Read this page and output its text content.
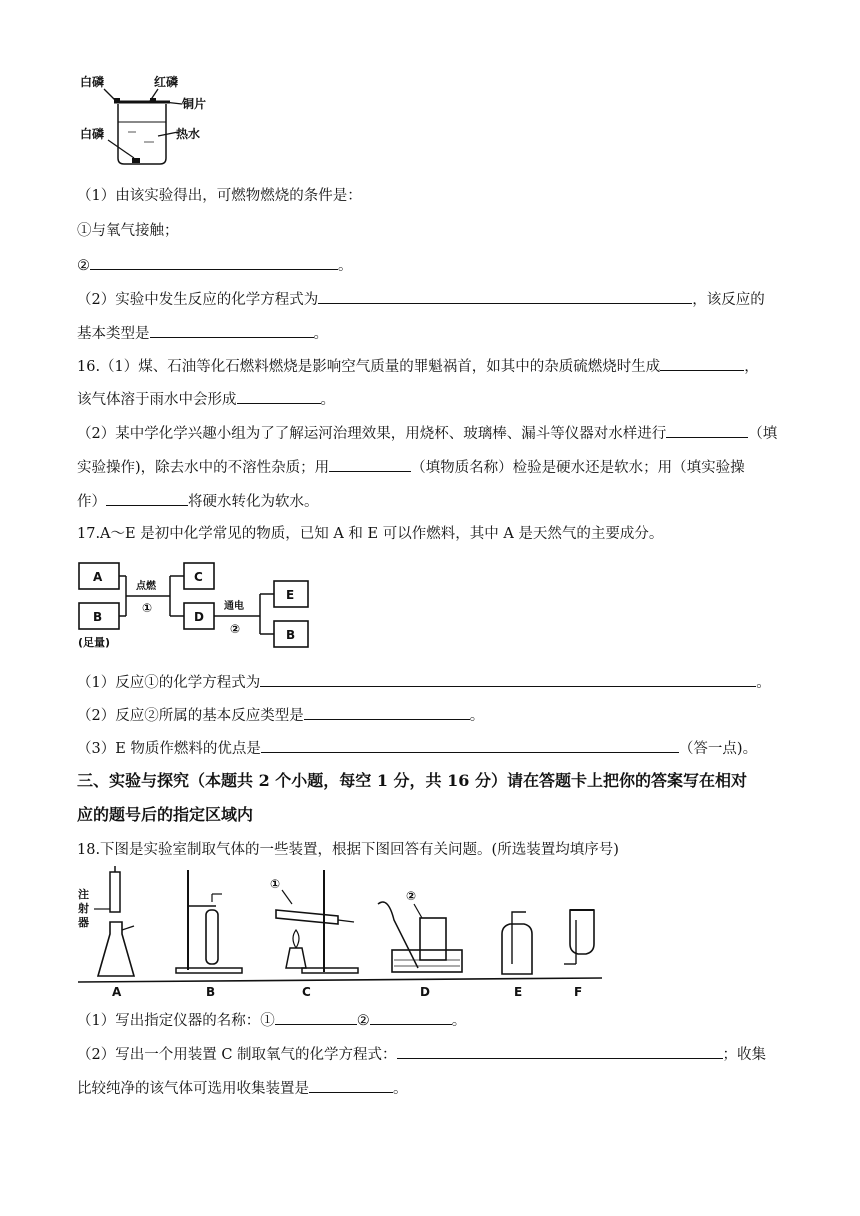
白磷	红磷
铜片
白磷	热水
（1）由该实验得出，可燃物燃烧的条件是：
①与氧气接触；
②	。
（2）实验中发生反应的化学方程式为	，该反应的
基本类型是	。
16.（1）煤、石油等化石燃料燃烧是影响空气质量的罪魁祸首，如其中的杂质硫燃烧时生成	，
该气体溶于雨水中会形成	。
（2）某中学化学兴趣小组为了了解运河治理效果，用烧杯、玻璃棒、漏斗等仪器对水样进行	（填
实验操作)，除去水中的不溶性杂质；用	（填物质名称）检验是硬水还是软水；用（填实验操
作）	将硬水转化为软水。
17.A～E 是初中化学常见的物质，已知 A 和 E 可以作燃料，其中 A 是天然气的主要成分。
A
B
(足量)
点燃
①
C
D
通电
②
E
B
（1）反应①的化学方程式为	。
（2）反应②所属的基本反应类型是	。
（3）E 物质作燃料的优点是	（答一点)。
三、实验与探究（本题共 2 个小题，每空 1 分，共 16 分）请在答题卡上把你的答案写在相对
应的题号后的指定区域内
18.下图是实验室制取气体的一些装置，根据下图回答有关问题。(所选装置均填序号)
注
射
器
A	B
①
C
②
D	E	F
（1）写出指定仪器的名称：①	②	。
（2）写出一个用装置 C 制取氧气的化学方程式：	；收集
比较纯净的该气体可选用收集装置是	。
